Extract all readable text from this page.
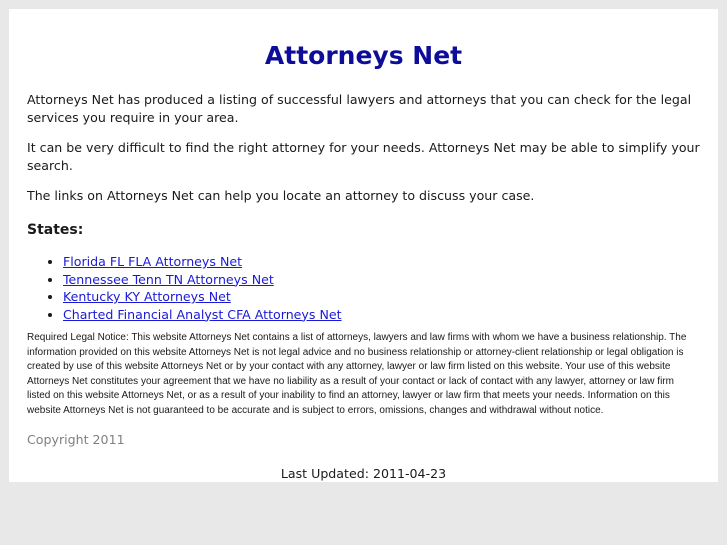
Attorneys Net

Attorneys Net has produced a listing of successful lawyers and attorneys that you can check for the legal services you require in your area.

It can be very difficult to find the right attorney for your needs. Attorneys Net may be able to simplify your search.

The links on Attorneys Net can help you locate an attorney to discuss your case.

States:
• Florida FL FLA Attorneys Net
• Tennessee Tenn TN Attorneys Net
• Kentucky KY Attorneys Net
• Charted Financial Analyst CFA Attorneys Net

Required Legal Notice: This website Attorneys Net contains a list of attorneys, lawyers and law firms with whom we have a business relationship. The information provided on this website Attorneys Net is not legal advice and no business relationship or attorney-client relationship or legal obligation is created by use of this website Attorneys Net or by your contact with any attorney, lawyer or law firm listed on this website. Your use of this website Attorneys Net constitutes your agreement that we have no liability as a result of your contact or lack of contact with any lawyer, attorney or law firm listed on this website Attorneys Net, or as a result of your inability to find an attorney, lawyer or law firm that meets your needs. Information on this website Attorneys Net is not guaranteed to be accurate and is subject to errors, omissions, changes and withdrawal without notice.

Copyright 2011

Last Updated: 2011-04-23
